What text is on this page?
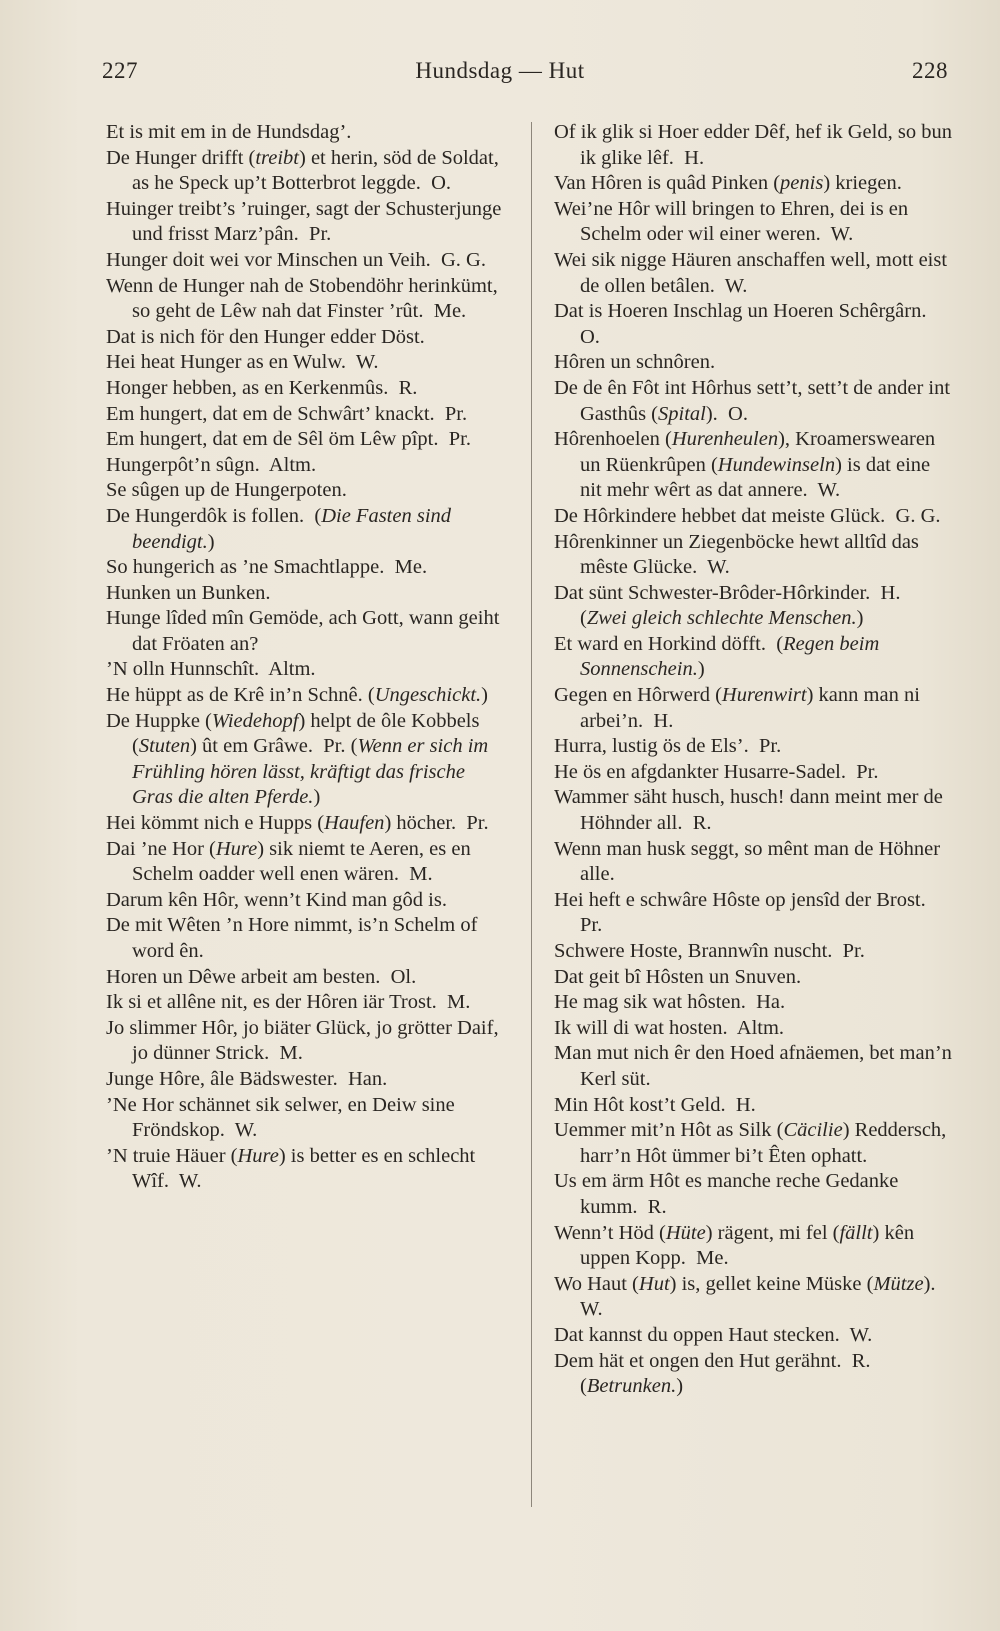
227	Hundsdag — Hut	228
Et is mit em in de Hundsdag’.
De Hunger drifft (treibt) et herin, söd de Soldat, as he Speck up’t Botterbrot leggde.  O.
Huinger treibt’s ’ruinger, sagt der Schusterjunge und frisst Marz’pân.  Pr.
Hunger doit wei vor Minschen un Veih.  G. G.
Wenn de Hunger nah de Stobendöhr herinkümt, so geht de Lêw nah dat Finster ’rût.  Me.
Dat is nich för den Hunger edder Döst.
Hei heat Hunger as en Wulw.  W.
Honger hebben, as en Kerkenmûs.  R.
Em hungert, dat em de Schwârt’ knackt.  Pr.
Em hungert, dat em de Sêl öm Lêw pîpt.  Pr.
Hungerpôt’n sûgn.  Altm.
Se sûgen up de Hungerpoten.
De Hungerdôk is follen.  (Die Fasten sind beendigt.)
So hungerich as ’ne Smachtlappe.  Me.
Hunken un Bunken.
Hunge lîded mîn Gemöde, ach Gott, wann geiht dat Fröaten an?
’N olln Hunnschît.  Altm.
He hüppt as de Krê in’n Schnê. (Ungeschickt.)
De Huppke (Wiedehopf) helpt de ôle Kobbels (Stuten) ût em Grâwe.  Pr. (Wenn er sich im Frühling hören lässt, kräftigt das frische Gras die alten Pferde.)
Hei kömmt nich e Hupps (Haufen) höcher.  Pr.
Dai ’ne Hor (Hure) sik niemt te Aeren, es en Schelm oadder well enen wären.  M.
Darum kên Hôr, wenn’t Kind man gôd is.
De mit Wêten ’n Hore nimmt, is’n Schelm of word ên.
Horen un Dêwe arbeit am besten.  Ol.
Ik si et allêne nit, es der Hôren iär Trost.  M.
Jo slimmer Hôr, jo biäter Glück, jo grötter Daif, jo dünner Strick.  M.
Junge Hôre, âle Bädswester.  Han.
’Ne Hor schännet sik selwer, en Deiw sine Fröndskop.  W.
’N truie Häuer (Hure) is better es en schlecht Wîf.  W.
Of ik glik si Hoer edder Dêf, hef ik Geld, so bun ik glike lêf.  H.
Van Hôren is quâd Pinken (penis) kriegen.
Wei’ne Hôr will bringen to Ehren, dei is en Schelm oder wil einer weren.  W.
Wei sik nigge Häuren anschaffen well, mott eist de ollen betâlen.  W.
Dat is Hoeren Inschlag un Hoeren Schêrgârn.  O.
Hôren un schnôren.
De de ên Fôt int Hôrhus sett’t, sett’t de ander int Gasthûs (Spital).  O.
Hôrenhoelen (Hurenheulen), Kroamerswearen un Rüenkrûpen (Hundewinseln) is dat eine nit mehr wêrt as dat annere.  W.
De Hôrkindere hebbet dat meiste Glück.  G. G.
Hôrenkinner un Ziegenböcke hewt alltîd das mêste Glücke.  W.
Dat sünt Schwester-Brôder-Hôrkinder.  H. (Zwei gleich schlechte Menschen.)
Et ward en Horkind döfft.  (Regen beim Sonnenschein.)
Gegen en Hôrwerd (Hurenwirt) kann man ni arbei’n.  H.
Hurra, lustig ös de Els’.  Pr.
He ös en afgdankter Husarre-Sadel.  Pr.
Wammer säht husch, husch! dann meint mer de Höhnder all.  R.
Wenn man husk seggt, so mênt man de Höhner alle.
Hei heft e schwâre Hôste op jensîd der Brost.  Pr.
Schwere Hoste, Brannwîn nuscht.  Pr.
Dat geit bî Hôsten un Snuven.
He mag sik wat hôsten.  Ha.
Ik will di wat hosten.  Altm.
Man mut nich êr den Hoed afnäemen, bet man’n Kerl süt.
Min Hôt kost’t Geld.  H.
Uemmer mit’n Hôt as Silk (Cäcilie) Reddersch, harr’n Hôt ümmer bi’t Êten ophatt.
Us em ärm Hôt es manche reche Gedanke kumm.  R.
Wenn’t Höd (Hüte) rägent, mi fel (fällt) kên uppen Kopp.  Me.
Wo Haut (Hut) is, gellet keine Müske (Mütze).  W.
Dat kannst du oppen Haut stecken.  W.
Dem hät et ongen den Hut gerähnt.  R. (Betrunken.)
